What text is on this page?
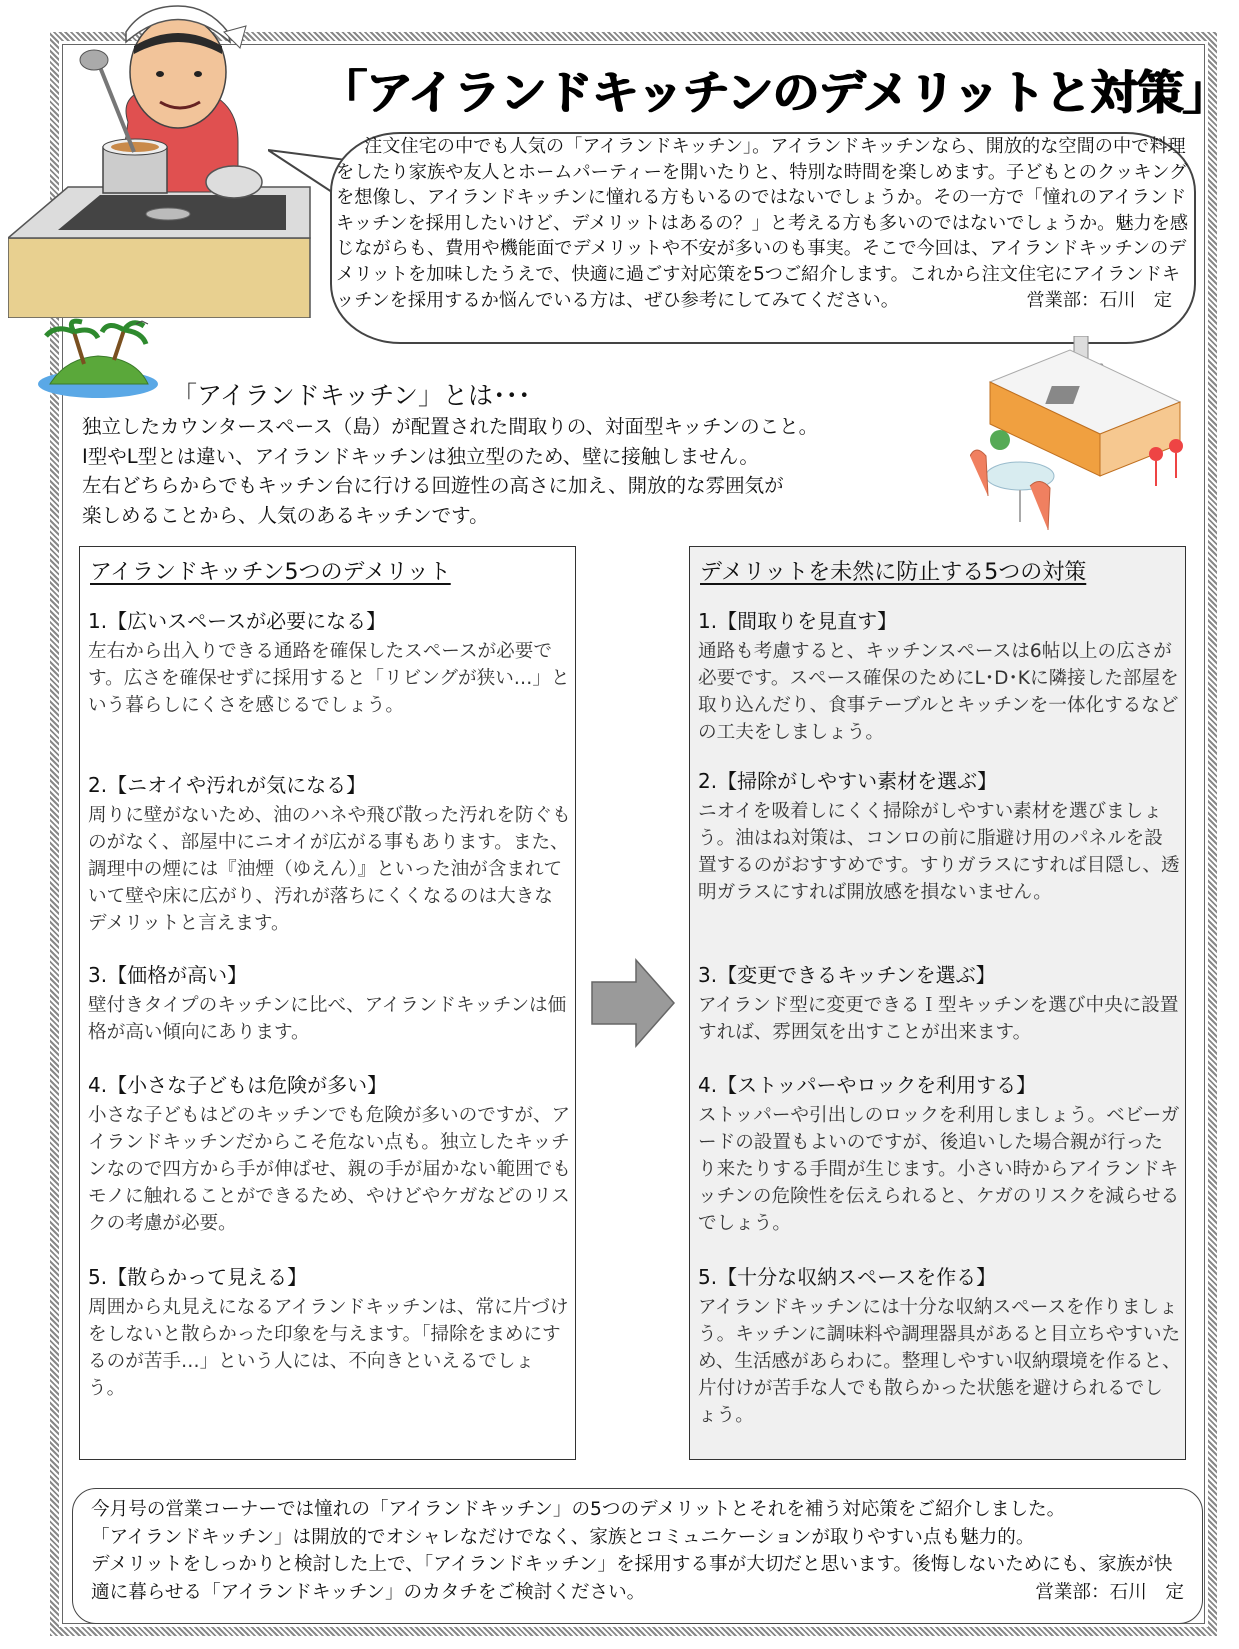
「アイランドキッチンのデメリットと対策」

注文住宅の中でも人気の「アイランドキッチン」。アイランドキッチンなら、開放的な空間の中で料理をしたり家族や友人とホームパーティーを開いたりと、特別な時間を楽しめます。子どもとのクッキングを想像し、アイランドキッチンに憧れる方もいるのではないでしょうか。その一方で「憧れのアイランドキッチンを採用したいけど、デメリットはあるの？」と考える方も多いのではないでしょうか。魅力を感じながらも、費用や機能面でデメリットや不安が多いのも事実。そこで今回は、アイランドキッチンのデメリットを加味したうえで、快適に過ごす対応策を5つご紹介します。これから注文住宅にアイランドキッチンを採用するか悩んでいる方は、ぜひ参考にしてみてください。	営業部：石川　定

「アイランドキッチン」とは･･･

独立したカウンタースペース（島）が配置された間取りの、対面型キッチンのこと。
I型やL型とは違い、アイランドキッチンは独立型のため、壁に接触しません。
左右どちらからでもキッチン台に行ける回遊性の高さに加え、開放的な雰囲気が
楽しめることから、人気のあるキッチンです。

アイランドキッチン5つのデメリット

1.【広いスペースが必要になる】

左右から出入りできる通路を確保したスペースが必要です。広さを確保せずに採用すると「リビングが狭い…」という暮らしにくさを感じるでしょう。

2.【ニオイや汚れが気になる】

周りに壁がないため、油のハネや飛び散った汚れを防ぐものがなく、部屋中にニオイが広がる事もあります。また、調理中の煙には『油煙（ゆえん）』といった油が含まれていて壁や床に広がり、汚れが落ちにくくなるのは大きなデメリットと言えます。

3.【価格が高い】

壁付きタイプのキッチンに比べ、アイランドキッチンは価格が高い傾向にあります。

4.【小さな子どもは危険が多い】

小さな子どもはどのキッチンでも危険が多いのですが、アイランドキッチンだからこそ危ない点も。独立したキッチンなので四方から手が伸ばせ、親の手が届かない範囲でもモノに触れることができるため、やけどやケガなどのリスクの考慮が必要。

5.【散らかって見える】

周囲から丸見えになるアイランドキッチンは、常に片づけをしないと散らかった印象を与えます。「掃除をまめにするのが苦手…」という人には、不向きといえるでしょう。

デメリットを未然に防止する5つの対策

1.【間取りを見直す】

通路も考慮すると、キッチンスペースは6帖以上の広さが必要です。スペース確保のためにL･D･Kに隣接した部屋を取り込んだり、食事テーブルとキッチンを一体化するなどの工夫をしましょう。

2.【掃除がしやすい素材を選ぶ】

ニオイを吸着しにくく掃除がしやすい素材を選びましょう。油はね対策は、コンロの前に脂避け用のパネルを設置するのがおすすめです。すりガラスにすれば目隠し、透明ガラスにすれば開放感を損ないません。

3.【変更できるキッチンを選ぶ】

アイランド型に変更できるＩ型キッチンを選び中央に設置すれば、雰囲気を出すことが出来ます。

4.【ストッパーやロックを利用する】

ストッパーや引出しのロックを利用しましょう。ベビーガードの設置もよいのですが、後追いした場合親が行ったり来たりする手間が生じます。小さい時からアイランドキッチンの危険性を伝えられると、ケガのリスクを減らせるでしょう。

5.【十分な収納スペースを作る】

アイランドキッチンには十分な収納スペースを作りましょう。キッチンに調味料や調理器具があると目立ちやすいため、生活感があらわに。整理しやすい収納環境を作ると、片付けが苦手な人でも散らかった状態を避けられるでしょう。

今月号の営業コーナーでは憧れの「アイランドキッチン」の5つのデメリットとそれを補う対応策をご紹介しました。

「アイランドキッチン」は開放的でオシャレなだけでなく、家族とコミュニケーションが取りやすい点も魅力的。

デメリットをしっかりと検討した上で、「アイランドキッチン」を採用する事が大切だと思います。後悔しないためにも、家族が快適に暮らせる「アイランドキッチン」のカタチをご検討ください。	営業部：石川　定
